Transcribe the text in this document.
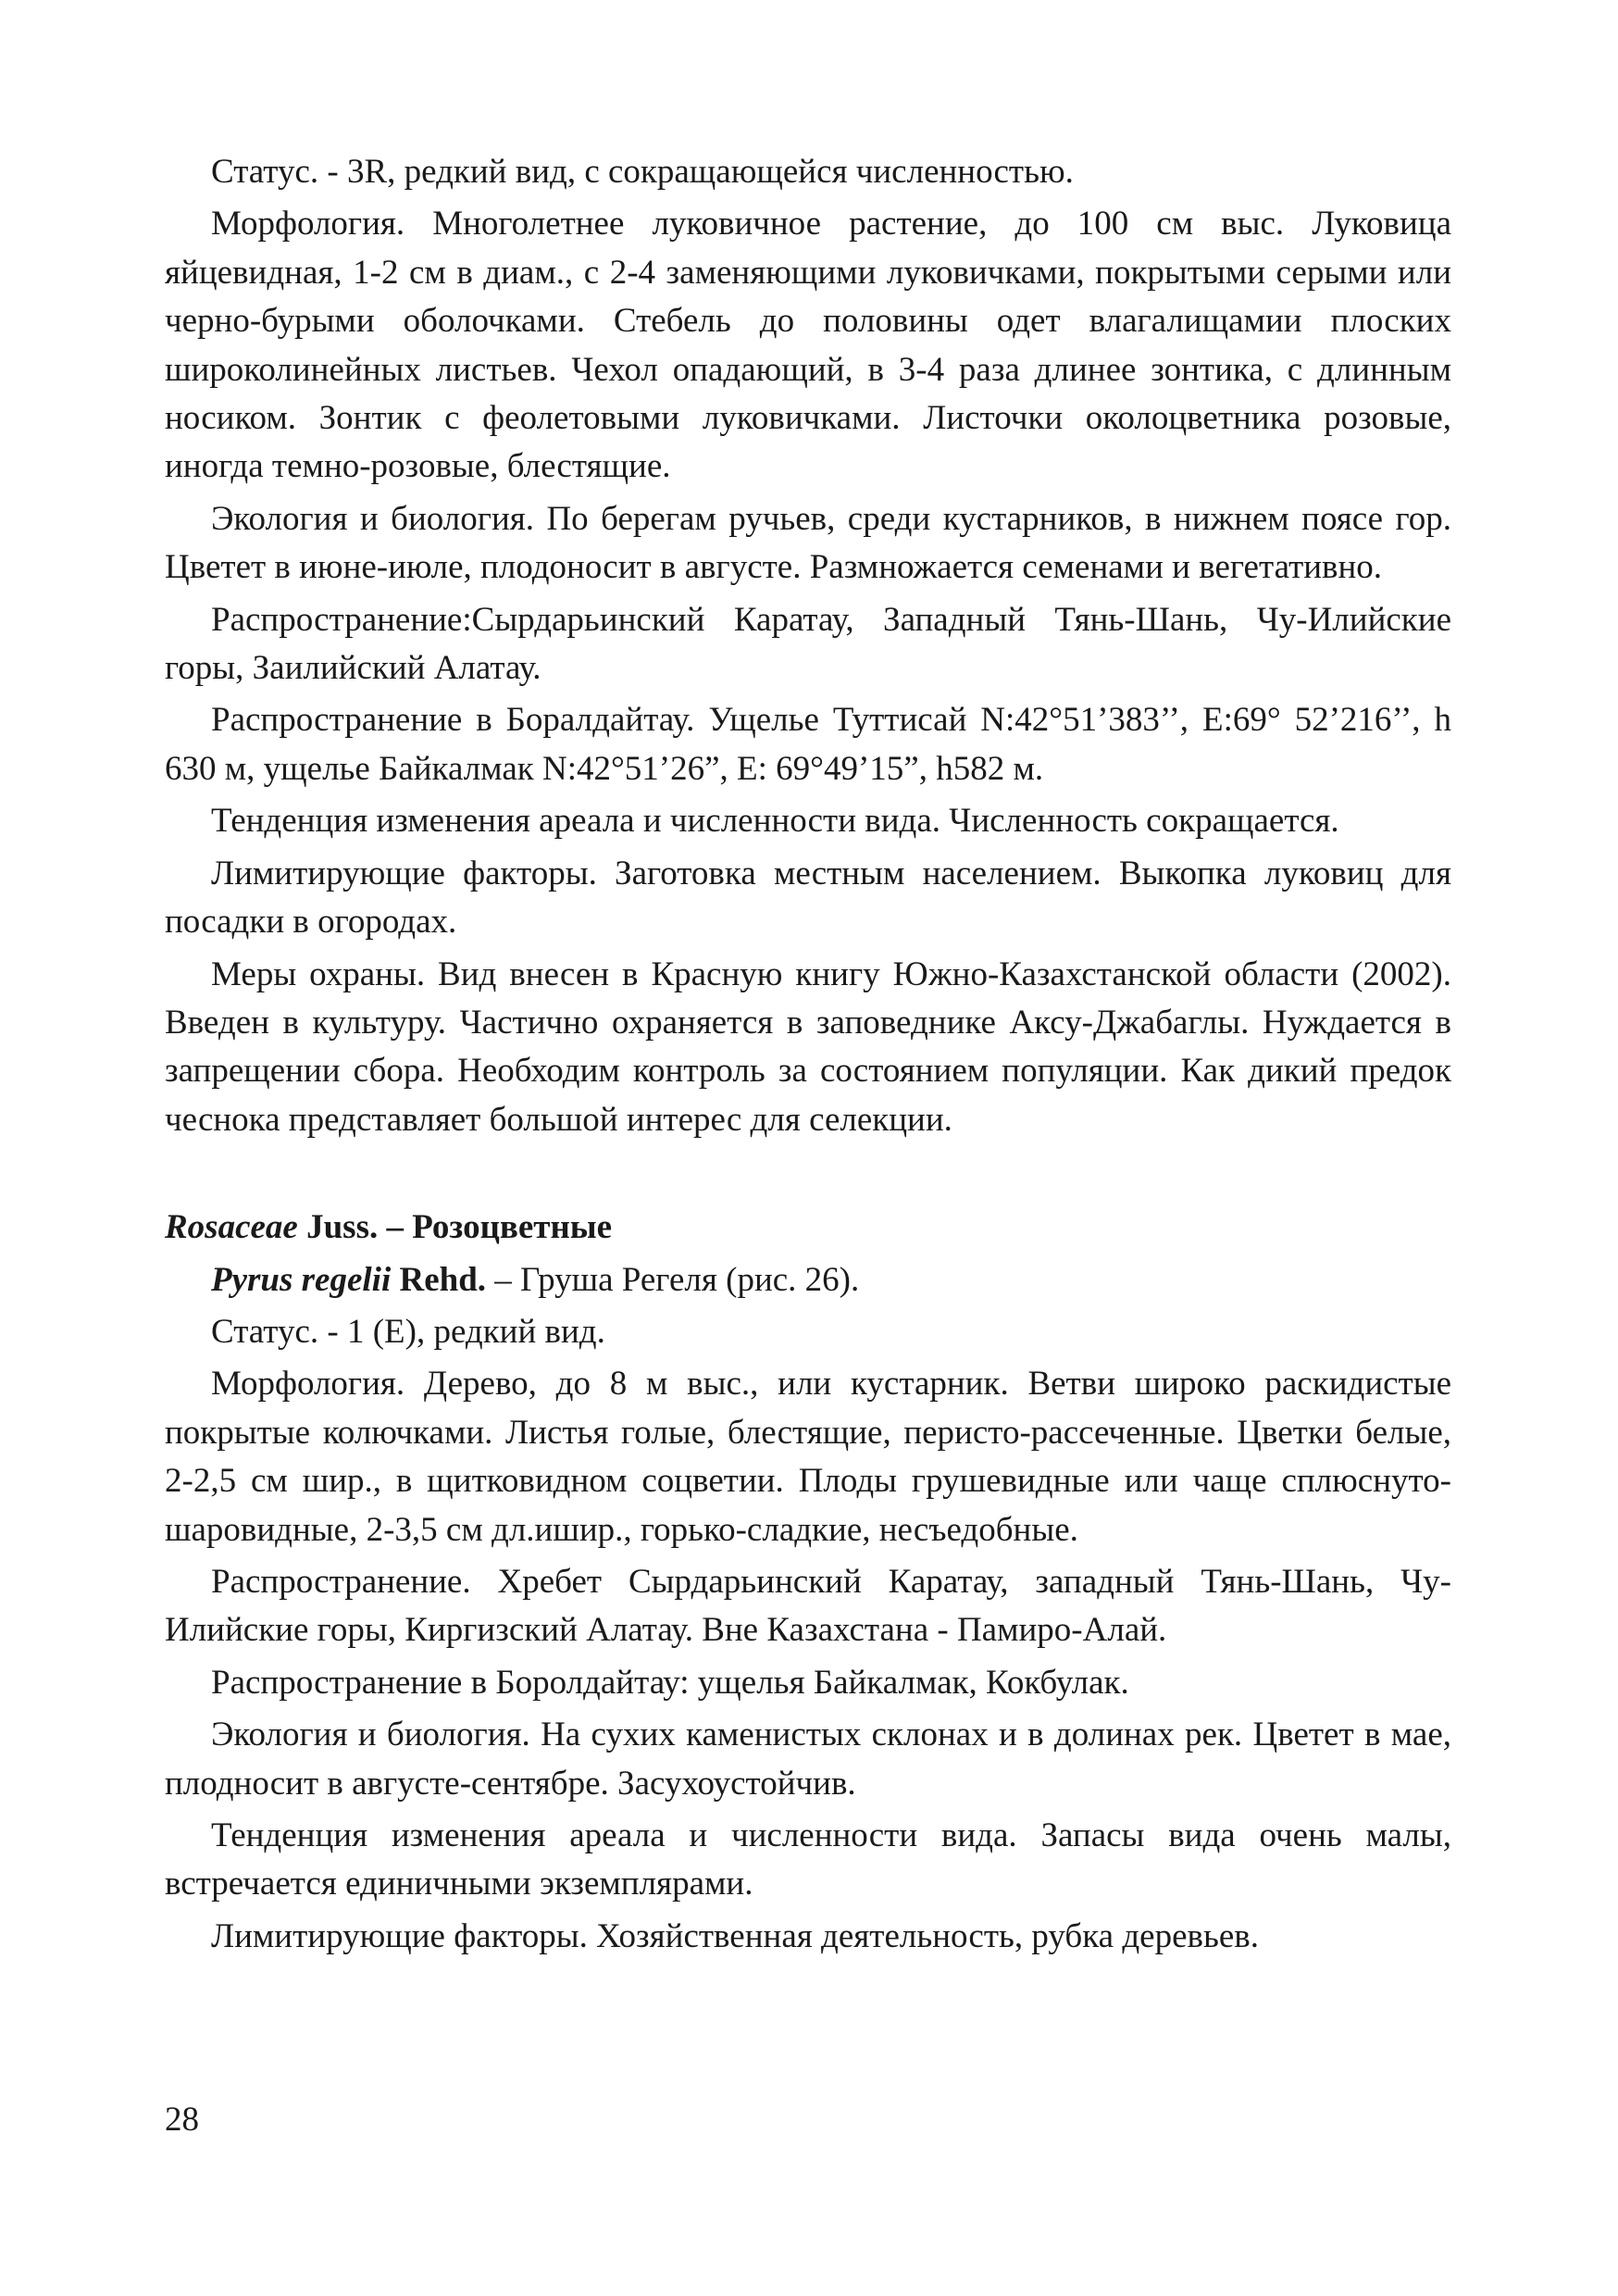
Статус. - 3R, редкий вид, с сокращающейся численностью.

Морфология. Многолетнее луковичное растение, до 100 см выс. Луковица яйцевидная, 1-2 см в диам., с 2-4 заменяющими луковичками, покрытыми серыми или черно-бурыми оболочками. Стебель до половины одет влагалищамии плоских широколинейных листьев. Чехол опадающий, в 3-4 раза длинее зонтика, с длинным носиком. Зонтик с феолетовыми луковичками. Листочки околоцветника розовые, иногда темно-розовые, блестящие.

Экология и биология. По берегам ручьев, среди кустарников, в нижнем поясе гор. Цветет в июне-июле, плодоносит в августе. Размножается семенами и вегетативно.

Распространение:Сырдарьинский Каратау, Западный Тянь-Шань, Чу-Илийские горы, Заилийский Алатау.

Распространение в Боралдайтау. Ущелье Туттисай N:42°51’383’’, E:69° 52’216’’, h 630 м, ущелье Байкалмак N:42°51’26”, E: 69°49’15”, h582 м.

Тенденция изменения ареала и численности вида. Численность сокращается.

Лимитирующие факторы. Заготовка местным населением. Выкопка луковиц для посадки в огородах.

Меры охраны. Вид внесен в Красную книгу Южно-Казахстанской области (2002). Введен в культуру. Частично охраняется в заповеднике Аксу-Джабаглы. Нуждается в запрещении сбора. Необходим контроль за состоянием популяции. Как дикий предок чеснока представляет большой интерес для селекции.

Rosaceae Juss. – Розоцветные
Pyrus regelii Rehd. – Груша Регеля (рис. 26).

Статус. - 1 (E), редкий вид.

Морфология. Дерево, до 8 м выс., или кустарник. Ветви широко раскидистые покрытые колючками. Листья голые, блестящие, перисто-рассеченные. Цветки белые, 2-2,5 см шир., в щитковидном соцветии. Плоды грушевидные или чаще сплюснуто-шаровидные, 2-3,5 см дл.ишир., горько-сладкие, несъедобные.

Распространение. Хребет Сырдарьинский Каратау, западный Тянь-Шань, Чу-Илийские горы, Киргизский Алатау. Вне Казахстана - Памиро-Алай.

Распространение в Боролдайтау: ущелья Байкалмак, Кокбулак.

Экология и биология. На сухих каменистых склонах и в долинах рек. Цветет в мае, плодносит в августе-сентябре. Засухоустойчив.

Тенденция изменения ареала и численности вида. Запасы вида очень малы, встречается единичными экземплярами.

Лимитирующие факторы. Хозяйственная деятельность, рубка деревьев.

28
